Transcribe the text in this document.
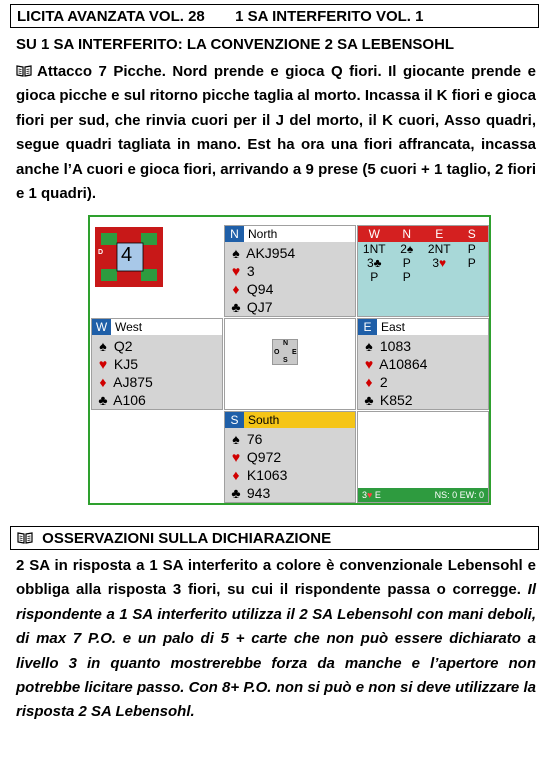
LICITA AVANZATA VOL. 28 1 SA INTERFERITO VOL. 1
SU 1 SA INTERFERITO: LA CONVENZIONE 2 SA LEBENSOHL
Attacco 7 Picche. Nord prende e gioca Q fiori. Il giocante prende e gioca picche e sul ritorno picche taglia al morto. Incassa il K fiori e gioca fiori per sud, che rinvia cuori per il J del morto, il K cuori, Asso quadri, segue quadri tagliata in mano. Est ha ora una fiori affrancata, incassa anche l’A cuori e gioca fiori, arrivando a 9 prese (5 cuori + 1 taglio, 2 fiori e 1 quadri).
D 4
N North
♠ AKJ954
♥ 3
♦ Q94
♣ QJ7
W	N	E	S
1NT	2♠	2NT	P
3♣	P	3♥	P
P	P
W West
♠ Q2
♥ KJ5
♦ AJ875
♣ A106
N
O E
S
E East
♠ 1083
♥ A10864
♦ 2
♣ K852
S South
♠ 76
♥ Q972
♦ K1063
♣ 943	3♥ E	NS: 0 EW: 0
OSSERVAZIONI SULLA DICHIARAZIONE
2 SA in risposta a 1 SA interferito a colore è convenzionale Lebensohl e obbliga alla risposta 3 fiori, su cui il rispondente passa o corregge. Il rispondente a 1 SA interferito utilizza il 2 SA Lebensohl con mani deboli, di max 7 P.O. e un palo di 5 + carte che non può essere dichiarato a livello 3 in quanto mostrerebbe forza da manche e l’apertore non potrebbe licitare passo. Con 8+ P.O. non si può e non si deve utilizzare la risposta 2 SA Lebensohl.
